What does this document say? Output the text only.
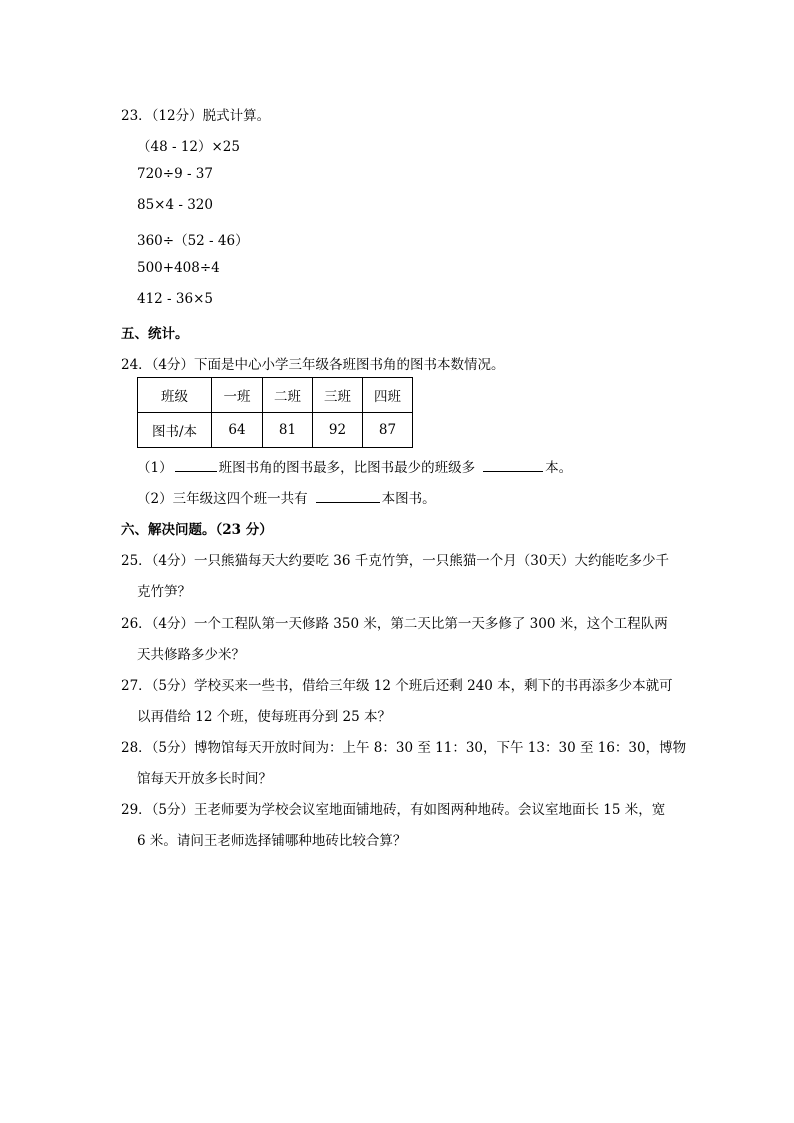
23．（12分）脱式计算。
（48 - 12）×25
720÷9 - 37
85×4 - 320
360÷（52 - 46）
500+408÷4
412 - 36×5
五、统计。
24．（4分）下面是中心小学三年级各班图书角的图书本数情况。
班级	一班	二班	三班	四班
图书/本	64	81	92	87
（1）	班图书角的图书最多，比图书最少的班级多	本。
（2）三年级这四个班一共有	本图书。
六、解决问题。（23 分）
25．（4分）一只熊猫每天大约要吃 36 千克竹笋，一只熊猫一个月（30天）大约能吃多少千
克竹笋？
26．（4分）一个工程队第一天修路 350 米，第二天比第一天多修了 300 米，这个工程队两
天共修路多少米？
27．（5分）学校买来一些书，借给三年级 12 个班后还剩 240 本，剩下的书再添多少本就可
以再借给 12 个班，使每班再分到 25 本？
28．（5分）博物馆每天开放时间为：上午 8：30 至 11：30，下午 13：30 至 16：30，博物
馆每天开放多长时间？
29．（5分）王老师要为学校会议室地面铺地砖，有如图两种地砖。会议室地面长 15 米，宽
6 米。请问王老师选择铺哪种地砖比较合算？
